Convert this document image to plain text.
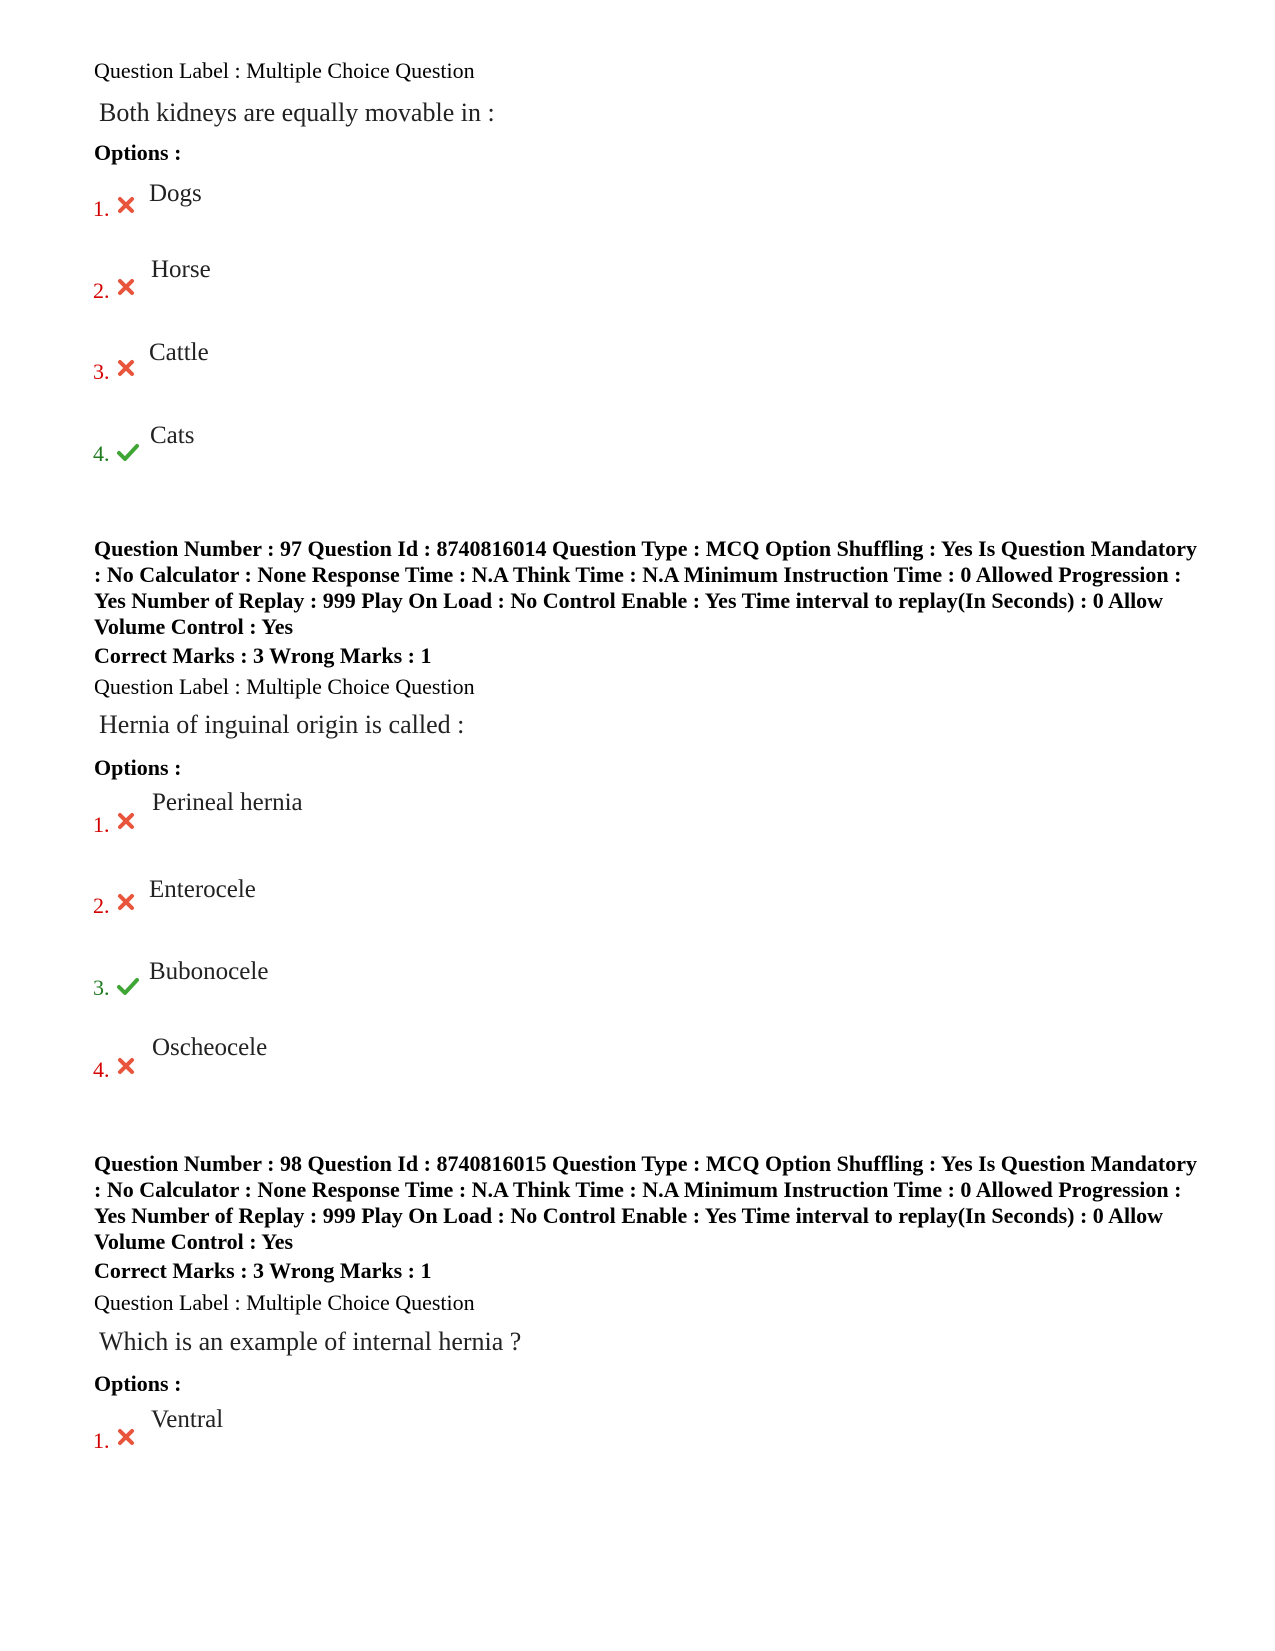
Question Label : Multiple Choice Question
Both kidneys are equally movable in :
Options :
1.
Dogs
2.
Horse
3.
Cattle
4.
Cats
Question Number : 97 Question Id : 8740816014 Question Type : MCQ Option Shuffling : Yes Is Question Mandatory : No Calculator : None Response Time : N.A Think Time : N.A Minimum Instruction Time : 0 Allowed Progression : Yes Number of Replay : 999 Play On Load : No Control Enable : Yes Time interval to replay(In Seconds) : 0 Allow Volume Control : Yes
Correct Marks : 3 Wrong Marks : 1
Question Label : Multiple Choice Question
Hernia of inguinal origin is called :
Options :
1.
Perineal hernia
2.
Enterocele
3.
Bubonocele
4.
Oscheocele
Question Number : 98 Question Id : 8740816015 Question Type : MCQ Option Shuffling : Yes Is Question Mandatory : No Calculator : None Response Time : N.A Think Time : N.A Minimum Instruction Time : 0 Allowed Progression : Yes Number of Replay : 999 Play On Load : No Control Enable : Yes Time interval to replay(In Seconds) : 0 Allow Volume Control : Yes
Correct Marks : 3 Wrong Marks : 1
Question Label : Multiple Choice Question
Which is an example of internal hernia ?
Options :
1.
Ventral
